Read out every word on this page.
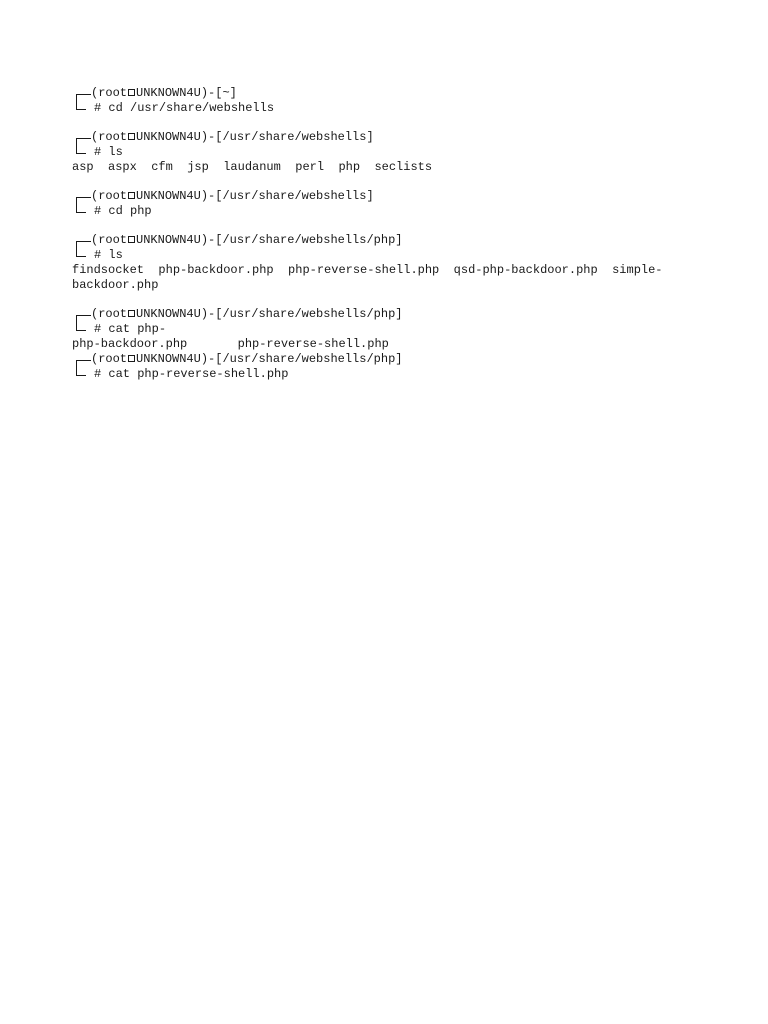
(root UNKNOWN4U)-[~]
# cd /usr/share/webshells
(root UNKNOWN4U)-[/usr/share/webshells]
# ls
asp  aspx  cfm  jsp  laudanum  perl  php  seclists
(root UNKNOWN4U)-[/usr/share/webshells]
# cd php
(root UNKNOWN4U)-[/usr/share/webshells/php]
# ls
findsocket  php-backdoor.php  php-reverse-shell.php  qsd-php-backdoor.php  simple-
backdoor.php
(root UNKNOWN4U)-[/usr/share/webshells/php]
# cat php-
php-backdoor.php       php-reverse-shell.php
(root UNKNOWN4U)-[/usr/share/webshells/php]
# cat php-reverse-shell.php
